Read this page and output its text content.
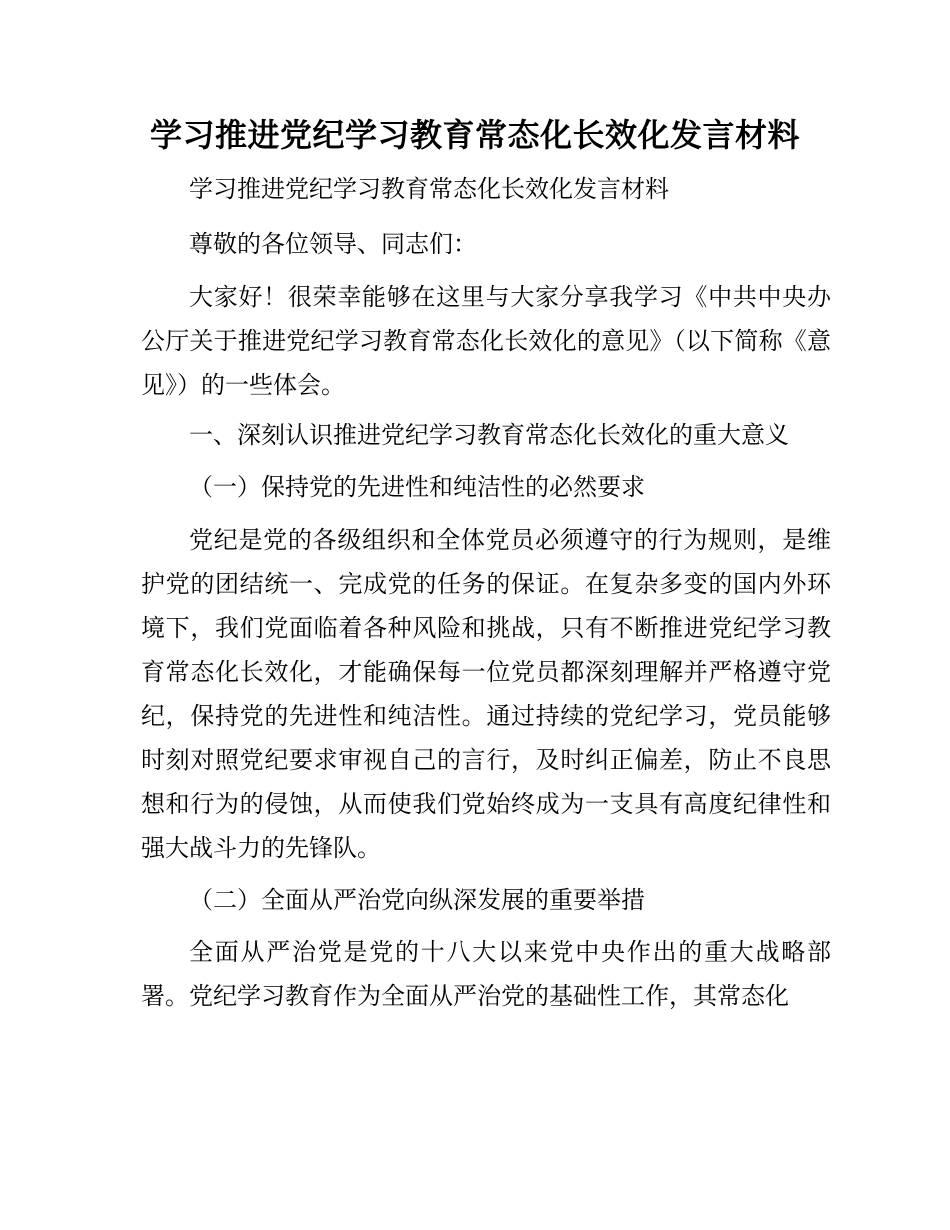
学习推进党纪学习教育常态化长效化发言材料

学习推进党纪学习教育常态化长效化发言材料

尊敬的各位领导、同志们：

大家好！很荣幸能够在这里与大家分享我学习《中共中央办公厅关于推进党纪学习教育常态化长效化的意见》（以下简称《意见》）的一些体会。

一、深刻认识推进党纪学习教育常态化长效化的重大意义

（一）保持党的先进性和纯洁性的必然要求

党纪是党的各级组织和全体党员必须遵守的行为规则，是维护党的团结统一、完成党的任务的保证。在复杂多变的国内外环境下，我们党面临着各种风险和挑战，只有不断推进党纪学习教育常态化长效化，才能确保每一位党员都深刻理解并严格遵守党纪，保持党的先进性和纯洁性。通过持续的党纪学习，党员能够时刻对照党纪要求审视自己的言行，及时纠正偏差，防止不良思想和行为的侵蚀，从而使我们党始终成为一支具有高度纪律性和强大战斗力的先锋队。

（二）全面从严治党向纵深发展的重要举措

全面从严治党是党的十八大以来党中央作出的重大战略部署。党纪学习教育作为全面从严治党的基础性工作，其常态化
